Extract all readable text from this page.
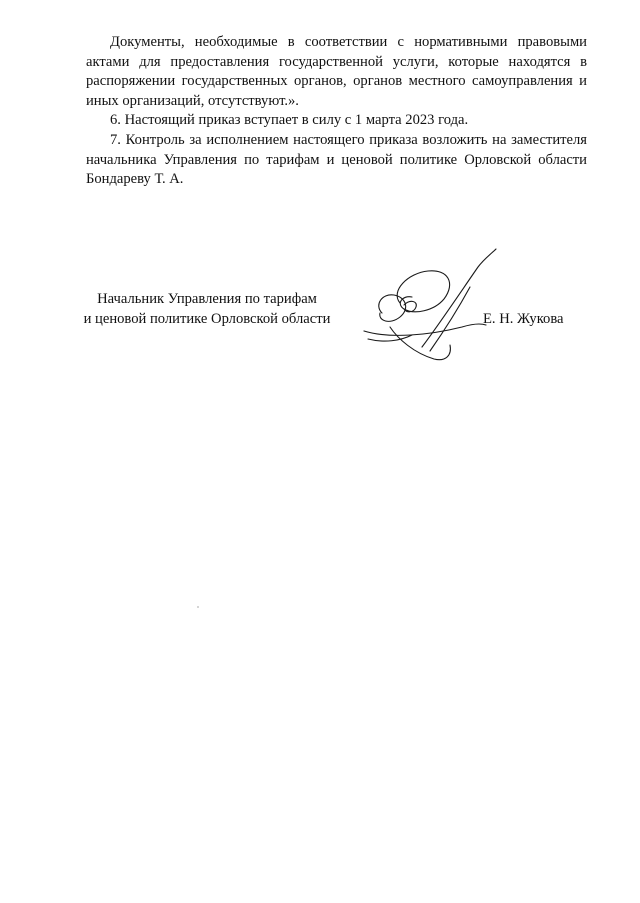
Документы, необходимые в соответствии с нормативными правовыми актами для предоставления государственной услуги, которые находятся в распоряжении государственных органов, органов местного самоуправления и иных организаций, отсутствуют.».

6. Настоящий приказ вступает в силу с 1 марта 2023 года.

7. Контроль за исполнением настоящего приказа возложить на заместителя начальника Управления по тарифам и ценовой политике Орловской области Бондареву Т. А.

Начальник Управления по тарифам
и ценовой политике Орловской области	Е. Н. Жукова
